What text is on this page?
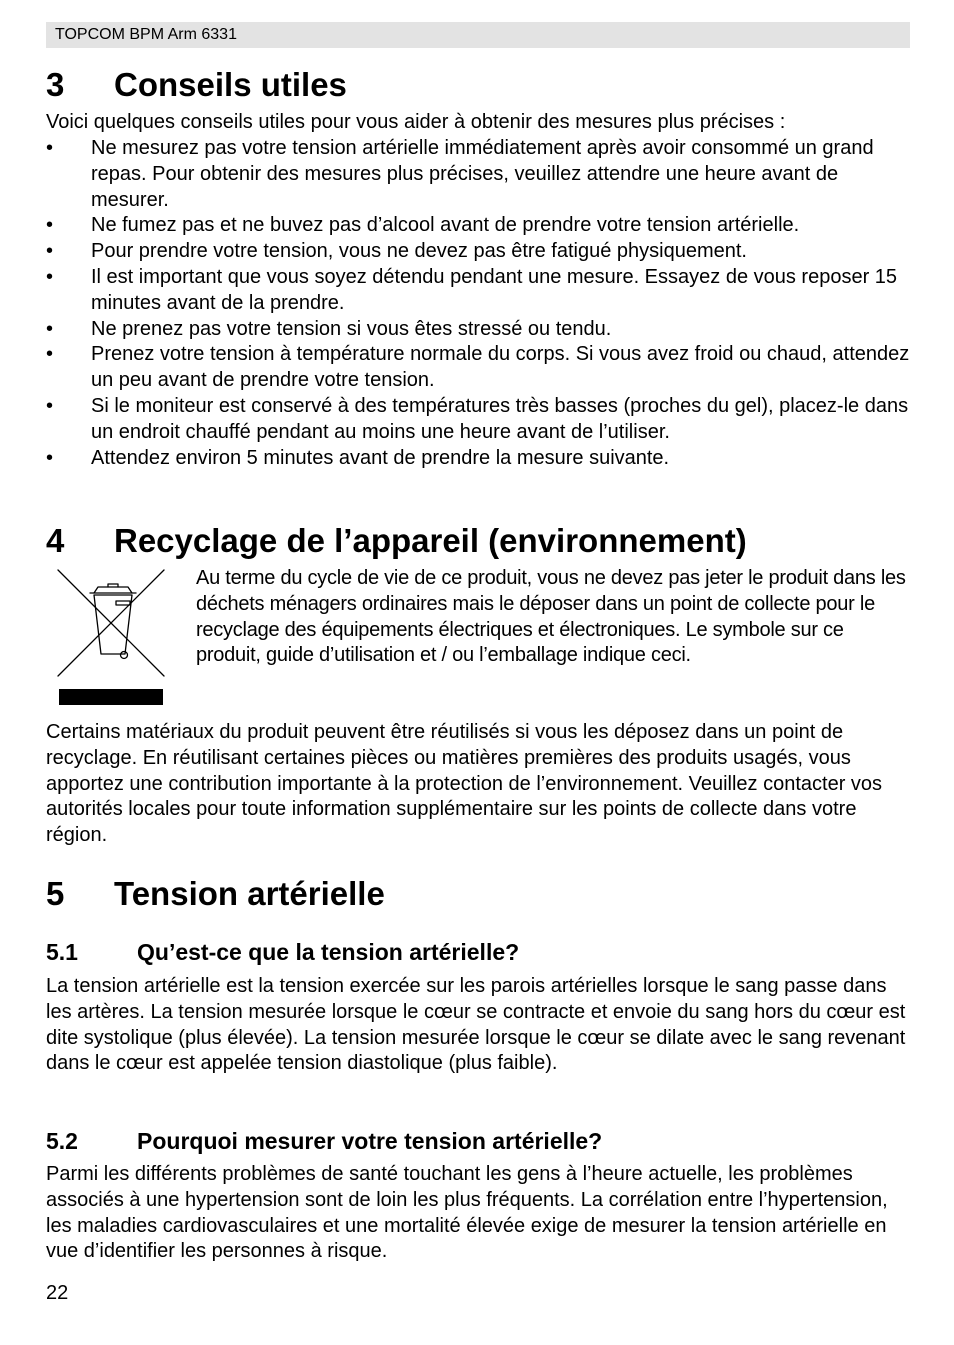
TOPCOM BPM Arm 6331
3 Conseils utiles

Voici quelques conseils utiles pour vous aider à obtenir des mesures plus précises :

•	Ne mesurez pas votre tension artérielle immédiatement après avoir consommé un grand repas. Pour obtenir des mesures plus précises, veuillez attendre une heure avant de mesurer.
•	Ne fumez pas et ne buvez pas d’alcool avant de prendre votre tension artérielle.
•	Pour prendre votre tension, vous ne devez pas être fatigué physiquement.
•	Il est important que vous soyez détendu pendant une mesure. Essayez de vous reposer 15 minutes avant de la prendre.
•	Ne prenez pas votre tension si vous êtes stressé ou tendu.
•	Prenez votre tension à température normale du corps. Si vous avez froid ou chaud, attendez un peu avant de prendre votre tension.
•	Si le moniteur est conservé à des températures très basses (proches du gel), placez-le dans un endroit chauffé pendant au moins une heure avant de l’utiliser.
•	Attendez environ 5 minutes avant de prendre la mesure suivante.
4 Recyclage de l’appareil (environnement)

Au terme du cycle de vie de ce produit, vous ne devez pas jeter le produit dans les déchets ménagers ordinaires mais le déposer dans un point de collecte pour le recyclage des équipements électriques et électroniques. Le symbole sur ce produit, guide d’utilisation et / ou l’emballage indique ceci.

Certains matériaux du produit peuvent être réutilisés si vous les déposez dans un point de recyclage. En réutilisant certaines pièces ou matières premières des produits usagés, vous apportez une contribution importante à la protection de l’environnement. Veuillez contacter vos autorités locales pour toute information supplémentaire sur les points de collecte dans votre région.

5 Tension artérielle
5.1	Qu’est-ce que la tension artérielle?

La tension artérielle est la tension exercée sur les parois artérielles lorsque le sang passe dans les artères. La tension mesurée lorsque le cœur se contracte et envoie du sang hors du cœur est dite systolique (plus élevée). La tension mesurée lorsque le cœur se dilate avec le sang revenant dans le cœur est appelée tension diastolique (plus faible).

5.2	Pourquoi mesurer votre tension artérielle?

Parmi les différents problèmes de santé touchant les gens à l’heure actuelle, les problèmes associés à une hypertension sont de loin les plus fréquents. La corrélation entre l’hypertension, les maladies cardiovasculaires et une mortalité élevée exige de mesurer la tension artérielle en vue d’identifier les personnes à risque.

22
